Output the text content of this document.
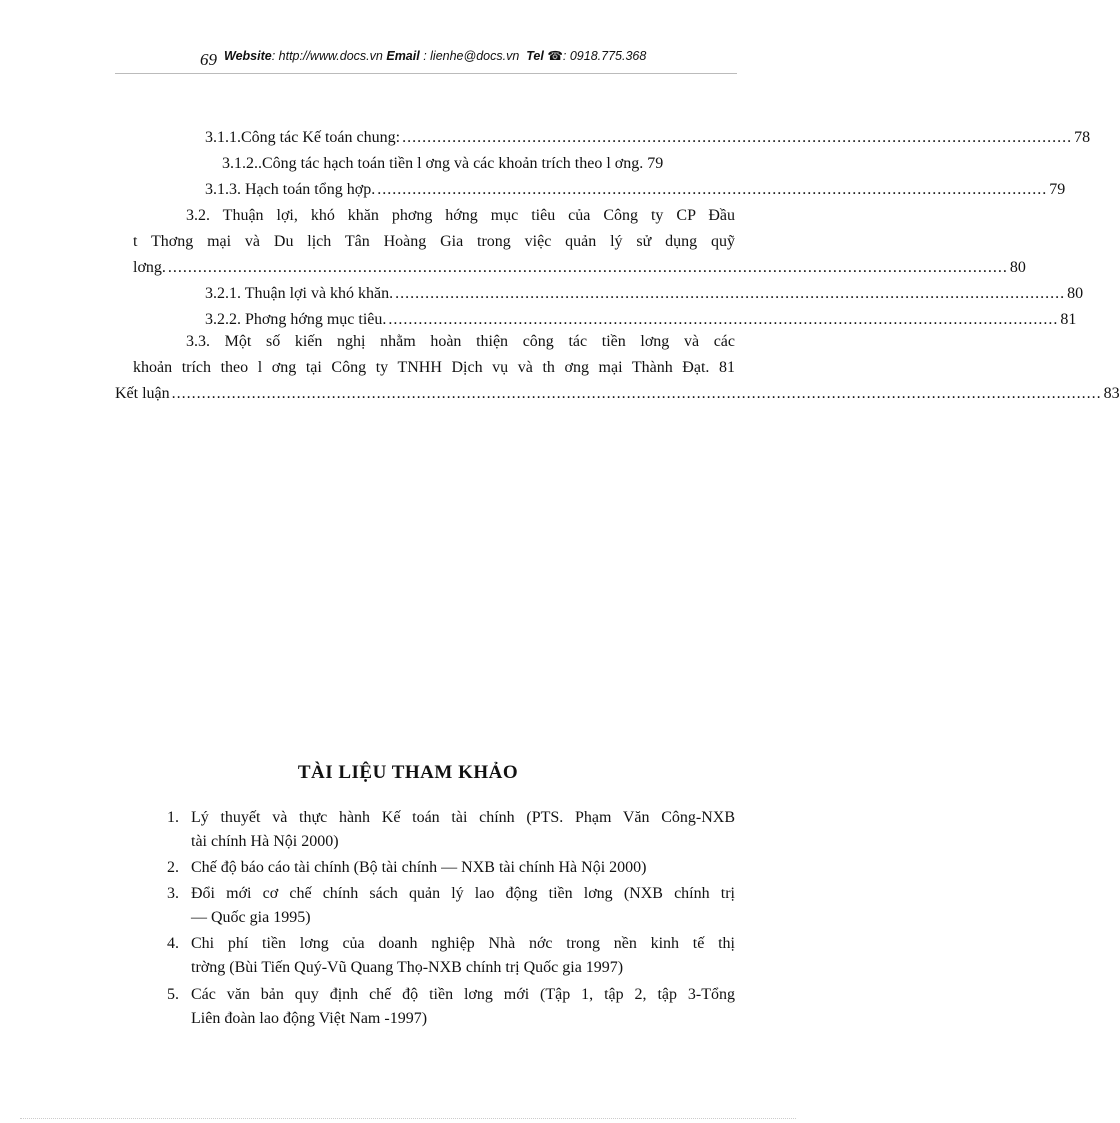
69 Website: http://www.docs.vn Email : lienhe@docs.vn Tel ☎: 0918.775.368
3.1.1.Công tác Kế toán chung: ...................................................................................................................................... 78
3.1.2..Công tác hạch toán tiền l ơng và các khoản trích theo l ơng. 79
3.1.3. Hạch toán tổng hợp. ...................................................................................................................................... 79
3.2. Thuận lợi, khó khăn phơng hớng mục tiêu của Công ty CP Đầu
t Thơng mại và Du lịch Tân Hoàng Gia trong việc quản lý sử dụng quỹ
lơng. ........................................................................................................................................................................ 80
3.2.1. Thuận lợi và khó khăn. ...................................................................................................................................... 80
3.2.2. Phơng hớng mục tiêu. ...................................................................................................................................... 81
3.3. Một số kiến nghị nhằm hoàn thiện công tác tiền lơng và các
khoản trích theo l ơng tại Công ty TNHH Dịch vụ và th ơng mại Thành Đạt. 81
Kết luận .......................................................................................................................................................................................... 83
TÀI LIỆU THAM KHẢO
1. Lý thuyết và thực hành Kế toán tài chính (PTS. Phạm Văn Công-NXB
tài chính Hà Nội 2000)
2. Chế độ báo cáo tài chính (Bộ tài chính — NXB tài chính Hà Nội 2000)
3. Đổi mới cơ chế chính sách quản lý lao động tiền lơng (NXB chính trị
— Quốc gia 1995)
4. Chi phí tiền lơng của doanh nghiệp Nhà nớc trong nền kinh tế thị
trờng (Bùi Tiến Quý-Vũ Quang Thọ-NXB chính trị Quốc gia 1997)
5. Các văn bản quy định chế độ tiền lơng mới (Tập 1, tập 2, tập 3-Tổng
Liên đoàn lao động Việt Nam -1997)
